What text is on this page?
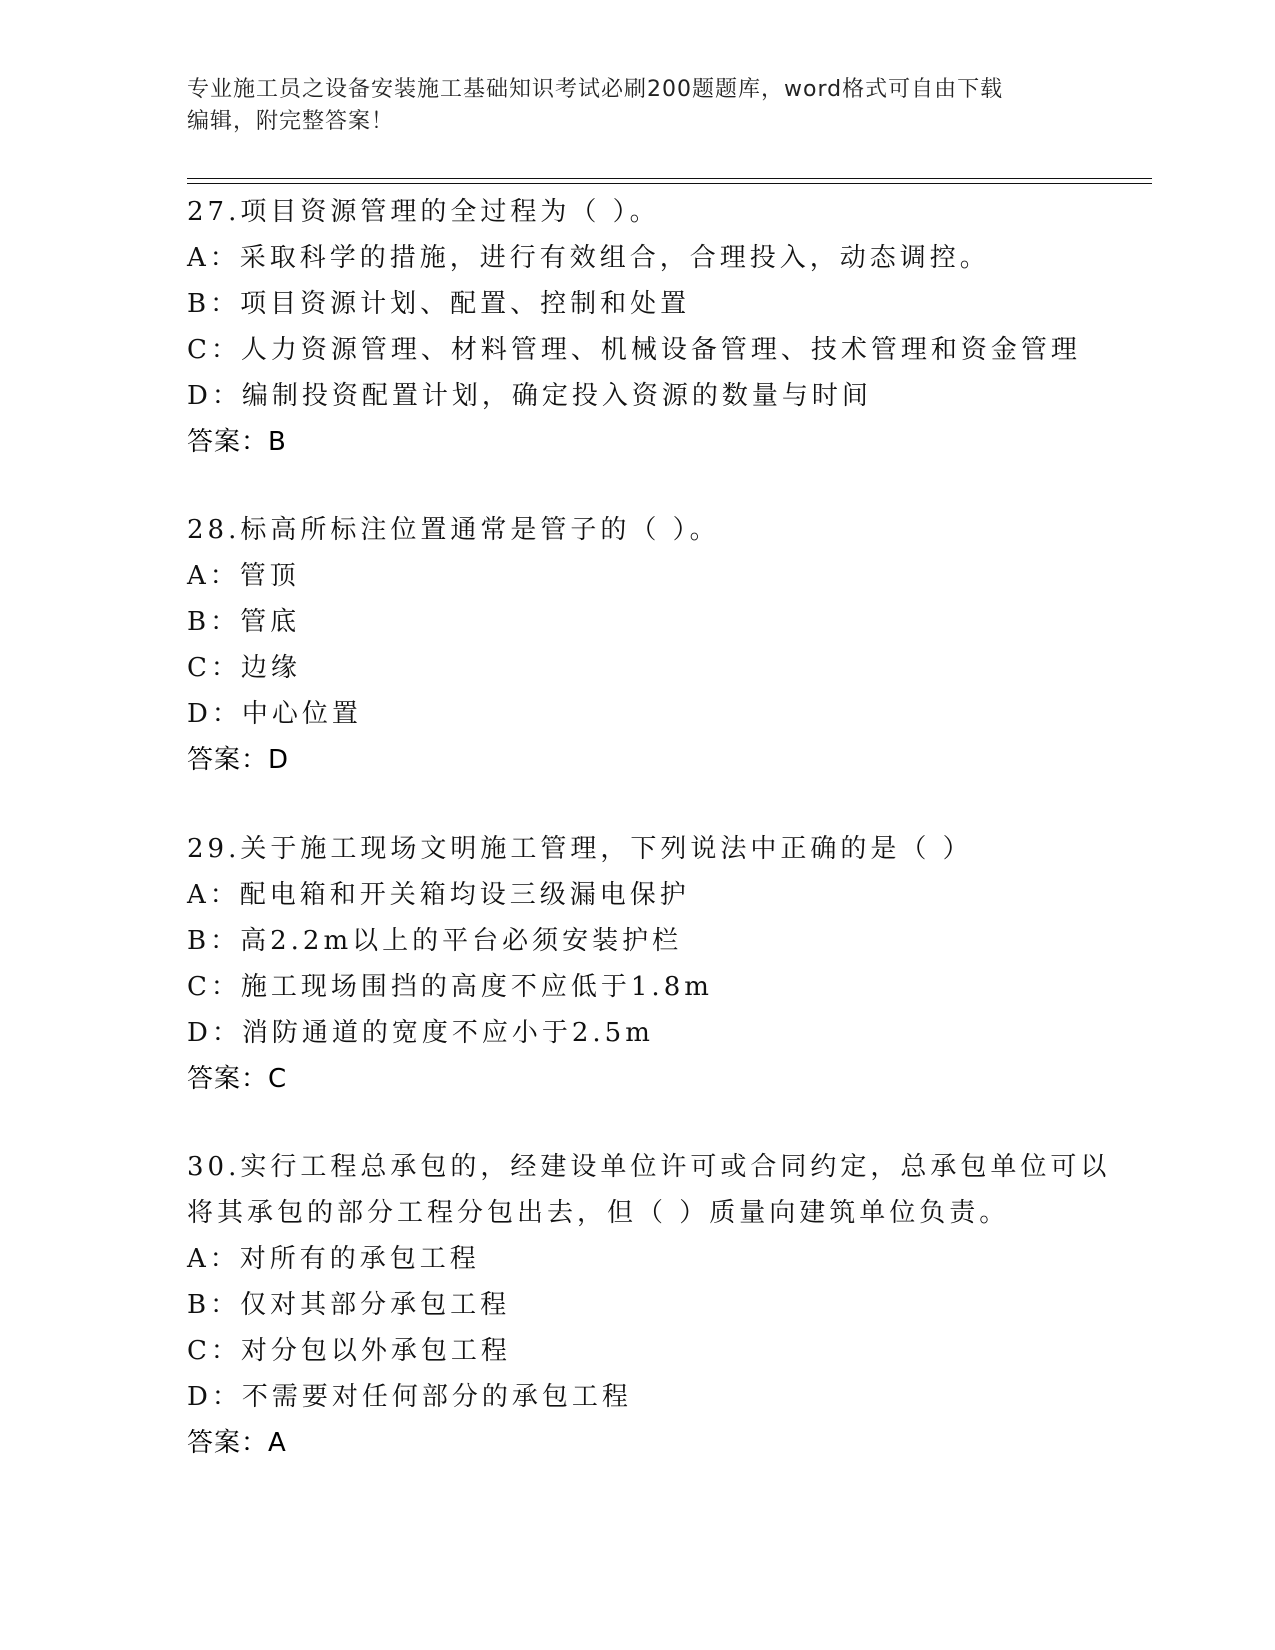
专业施工员之设备安装施工基础知识考试必刷200题题库，word格式可自由下载
编辑，附完整答案！
27.项目资源管理的全过程为（ ）。
A：采取科学的措施，进行有效组合，合理投入，动态调控。
B：项目资源计划、配置、控制和处置
C：人力资源管理、材料管理、机械设备管理、技术管理和资金管理
D：编制投资配置计划，确定投入资源的数量与时间
答案：B
28.标高所标注位置通常是管子的（ ）。
A：管顶
B：管底
C：边缘
D：中心位置
答案：D
29.关于施工现场文明施工管理，下列说法中正确的是（ ）
A：配电箱和开关箱均设三级漏电保护
B：高2.2m以上的平台必须安装护栏
C：施工现场围挡的高度不应低于1.8m
D：消防通道的宽度不应小于2.5m
答案：C
30.实行工程总承包的，经建设单位许可或合同约定，总承包单位可以
将其承包的部分工程分包出去，但（ ）质量向建筑单位负责。
A：对所有的承包工程
B：仅对其部分承包工程
C：对分包以外承包工程
D：不需要对任何部分的承包工程
答案：A
